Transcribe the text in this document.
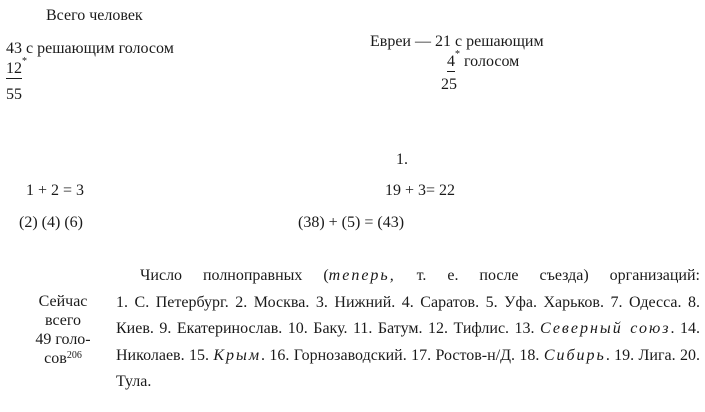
Всего человек
43 с решающим голосом
12*
55
Евреи — 21 с решающим
4* голосом
25
1.
1 + 2 = 3	19 + 3= 22
(2) (4) (6)	(38) + (5) = (43)
Сейчас
всего
49 голо-
сов$^{206}$

Число полноправных (теперь, т. е. после съезда) организаций:
1. С. Петербург. 2. Москва. 3. Нижний. 4. Саратов. 5. Уфа. Харьков. 7. Одесса. 8. Киев. 9. Екатеринослав. 10. Баку. 11. Батум. 12. Тифлис. 13. Северный союз. 14. Николаев. 15. Крым. 16. Горнозаводский. 17. Ростов-н/Д. 18. Сибирь. 19. Лига. 20. Тула.
